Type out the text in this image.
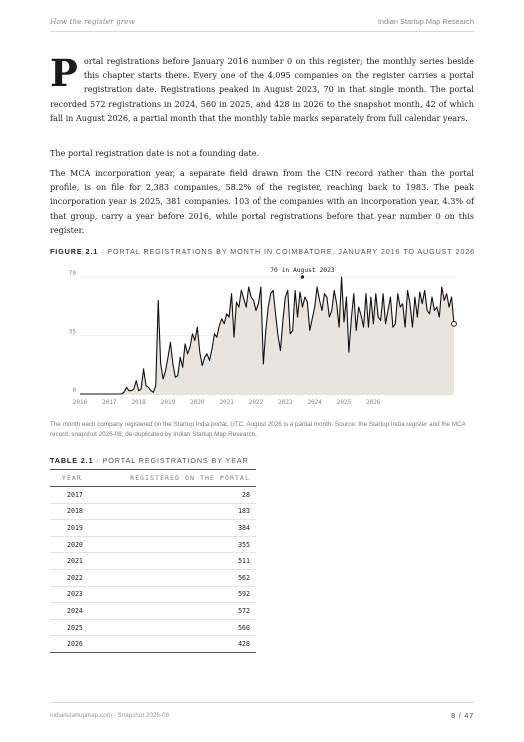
How the register grew	Indian Startup Map Research

Portal registrations before January 2016 number 0 on this register; the monthly series beside this chapter starts there. Every one of the 4,095 companies on the register carries a portal registration date. Registrations peaked in August 2023, 70 in that single month. The portal recorded 572 registrations in 2024, 560 in 2025, and 428 in 2026 to the snapshot month, 42 of which fall in August 2026, a partial month that the monthly table marks separately from full calendar years.

The portal registration date is not a founding date.

The MCA incorporation year, a separate field drawn from the CIN record rather than the portal profile, is on file for 2,383 companies, 58.2% of the register, reaching back to 1983. The peak incorporation year is 2025, 381 companies. 103 of the companies with an incorporation year, 4.3% of that group, carry a year before 2016, while portal registrations before that year number 0 on this register.

FIGURE 2.1 · PORTAL REGISTRATIONS BY MONTH IN COIMBATORE, JANUARY 2016 TO AUGUST 2026
0
35
70
2016 2017 2018 2019 2020 2021 2022 2023 2024 2025 2026
70 in August 2023

The month each company registered on the Startup India portal, UTC. August 2026 is a partial month. Source: the Startup India register and the MCA record, snapshot 2026-08, de-duplicated by Indian Startup Map Research.

TABLE 2.1 · PORTAL REGISTRATIONS BY YEAR
YEAR	REGISTERED ON THE PORTAL
2017	28
2018	183
2019	384
2020	355
2021	511
2022	562
2023	592
2024	572
2025	560
2026	428
indianstartupmap.com · Snapshot 2026-08	8 / 47
